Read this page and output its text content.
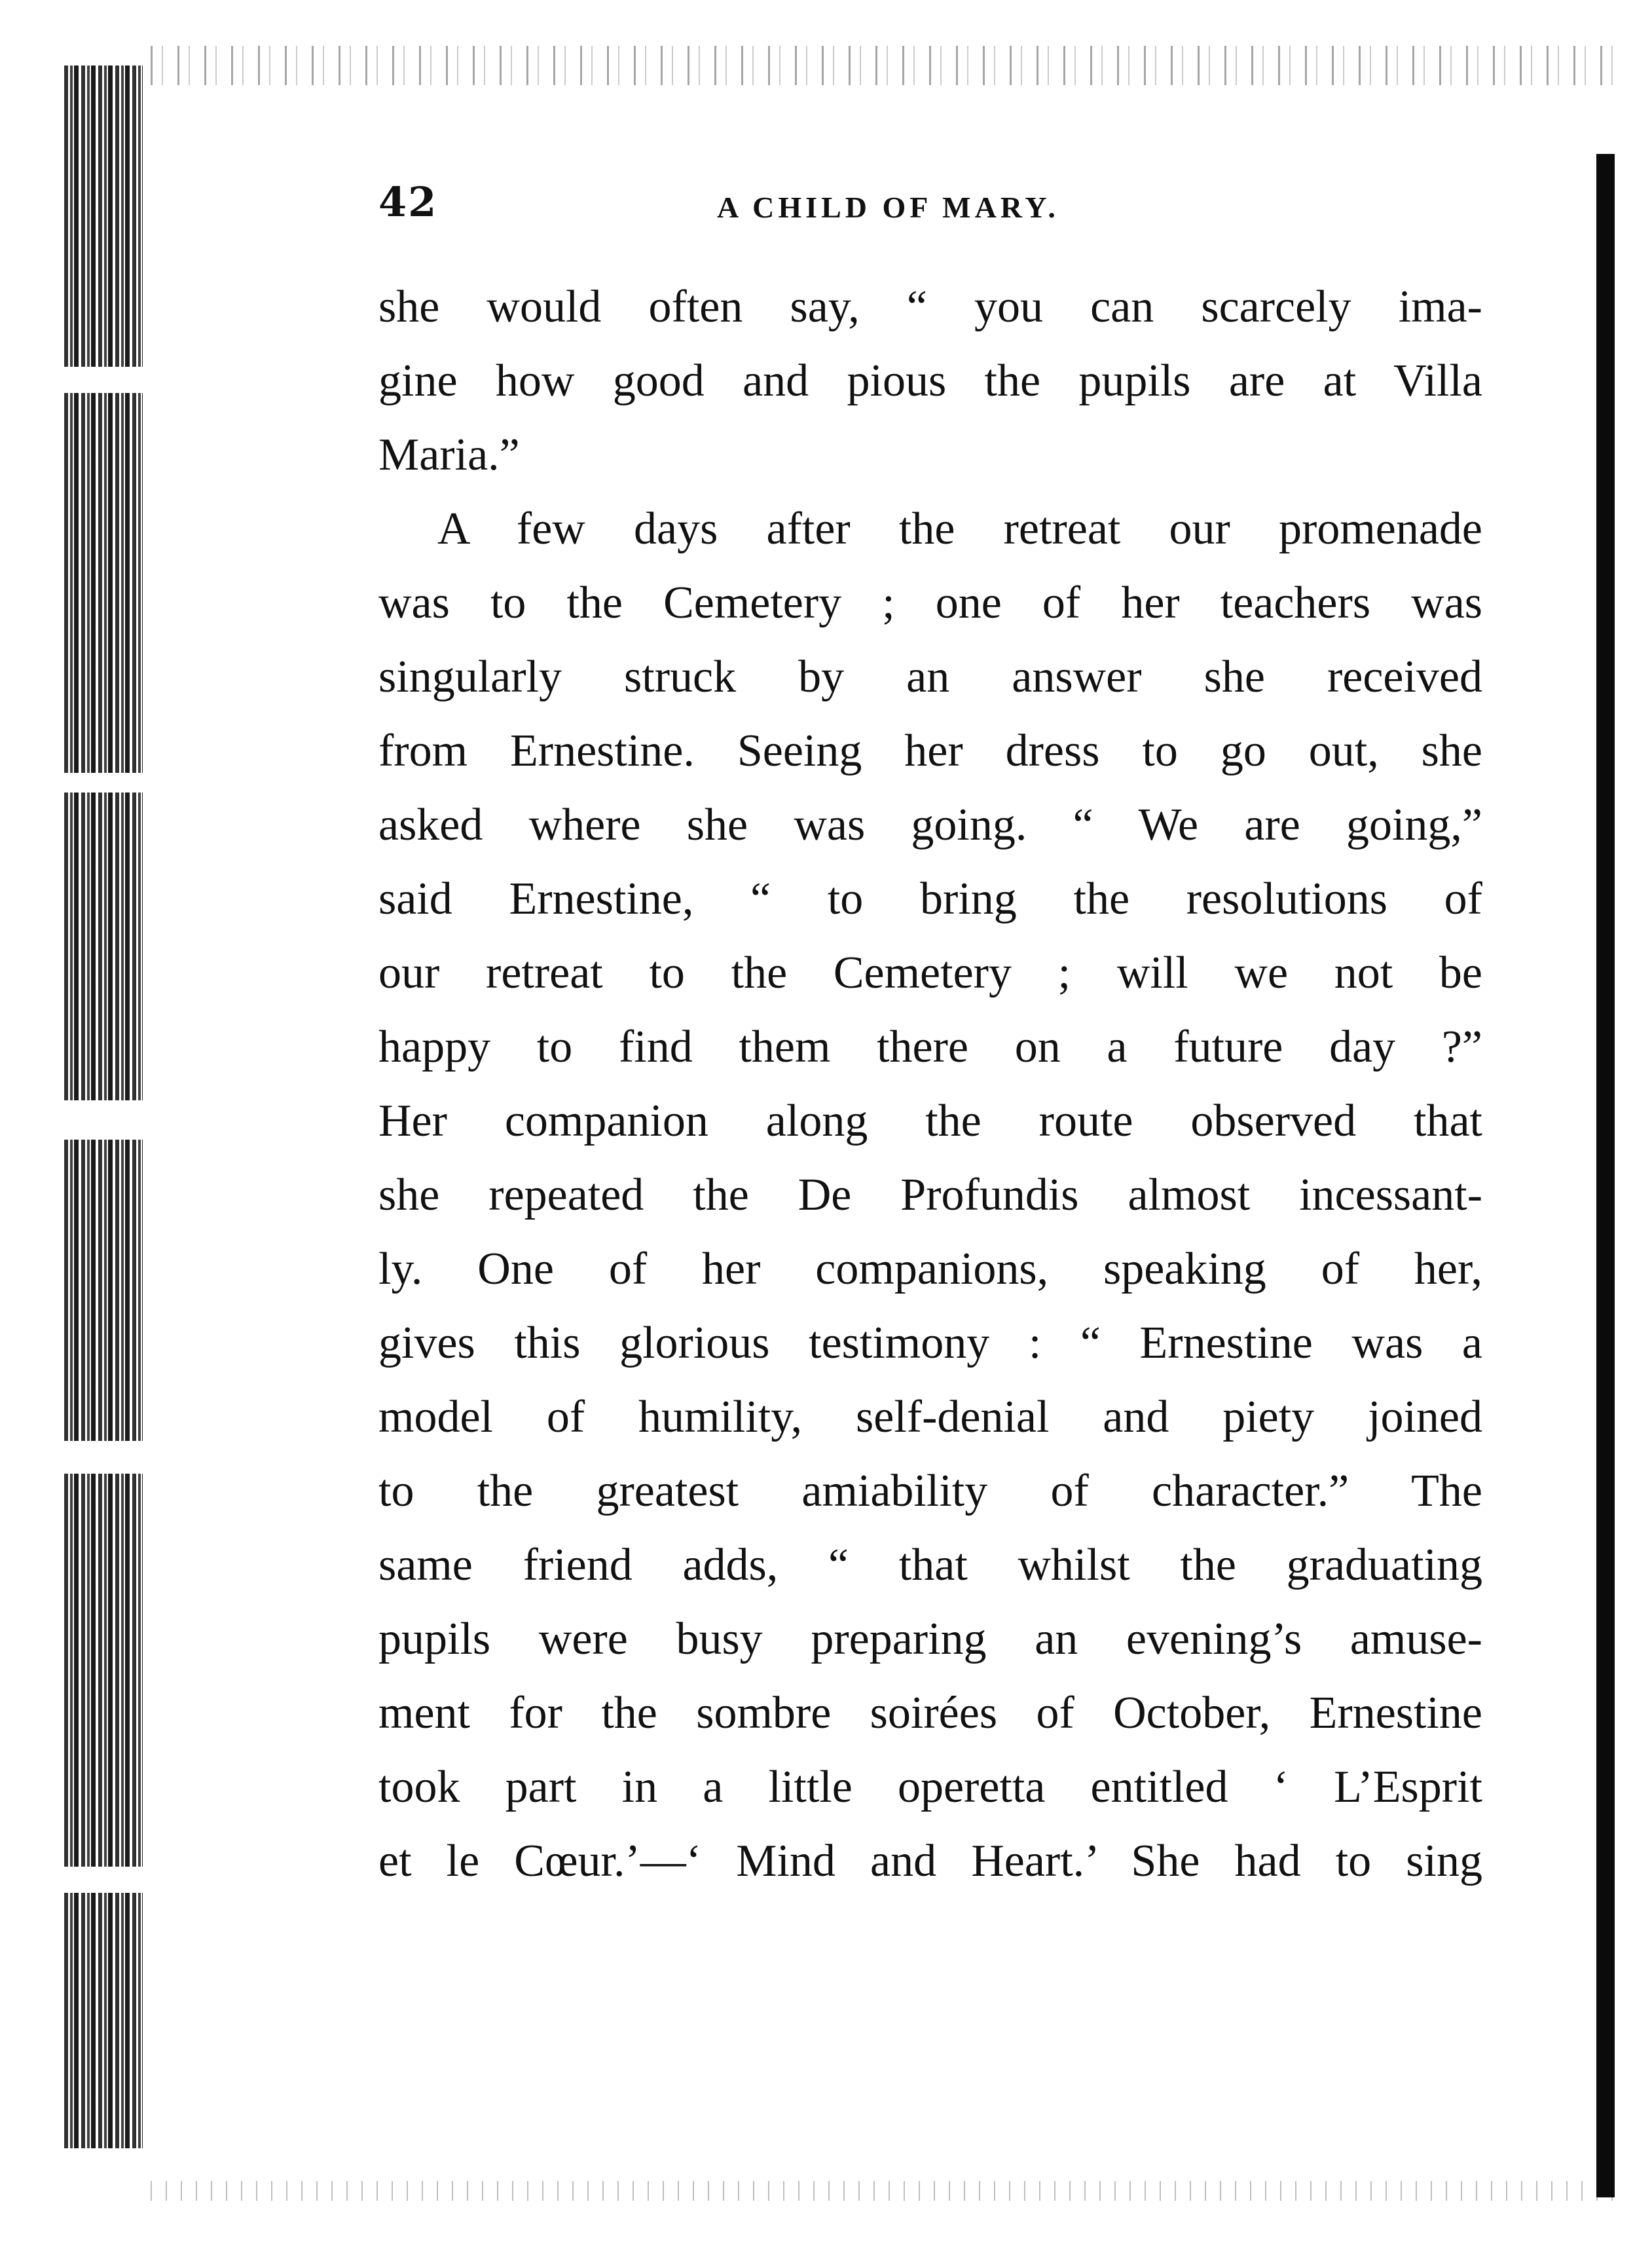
42	A CHILD OF MARY.
she would often say, “ you can scarcely ima-
gine how good and pious the pupils are at Villa
Maria.”
A few days after the retreat our promenade
was to the Cemetery ; one of her teachers was
singularly struck by an answer she received
from Ernestine. Seeing her dress to go out, she
asked where she was going. “ We are going,”
said Ernestine, “ to bring the resolutions of
our retreat to the Cemetery ; will we not be
happy to find them there on a future day ?”
Her companion along the route observed that
she repeated the De Profundis almost incessant-
ly. One of her companions, speaking of her,
gives this glorious testimony : “ Ernestine was a
model of humility, self-denial and piety joined
to the greatest amiability of character.” The
same friend adds, “ that whilst the graduating
pupils were busy preparing an evening’s amuse-
ment for the sombre soirées of October, Ernestine
took part in a little operetta entitled ‘ L’Esprit
et le Cœur.’—‘ Mind and Heart.’ She had to sing
